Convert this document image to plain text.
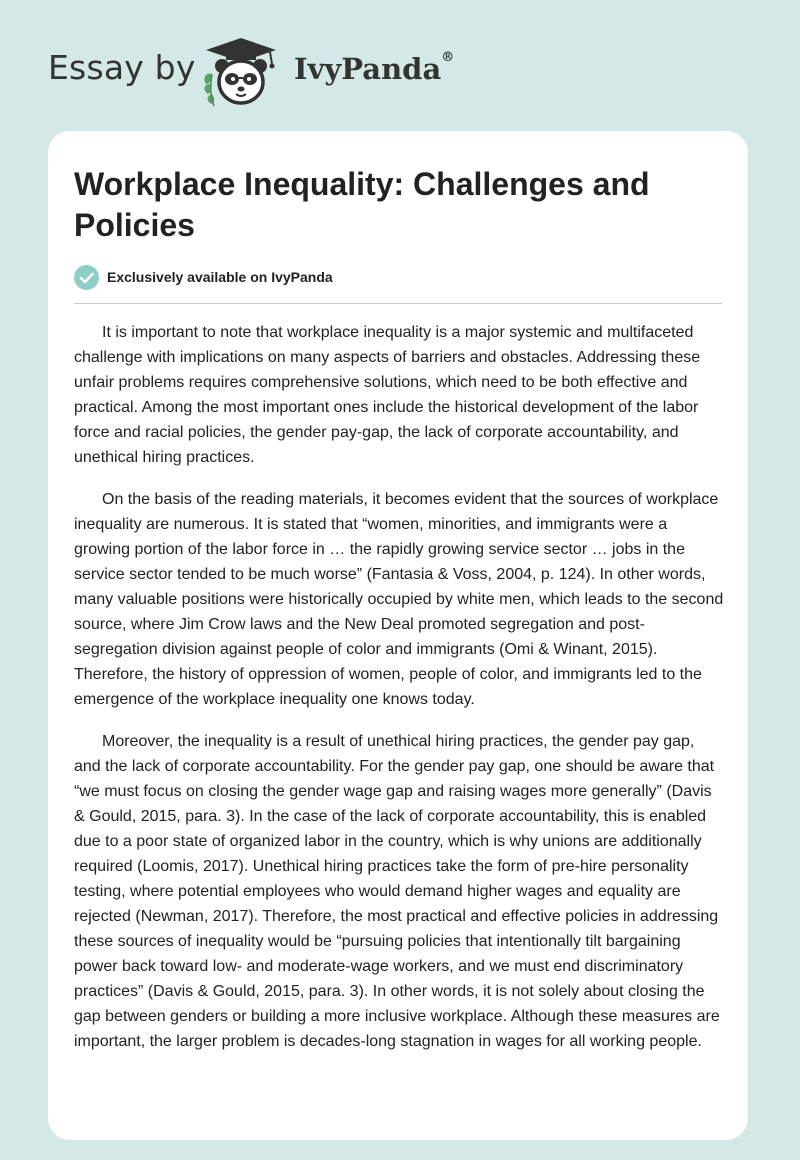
Essay by	IvyPanda®
Workplace Inequality: Challenges and Policies
Exclusively available on IvyPanda

It is important to note that workplace inequality is a major systemic and multifaceted challenge with implications on many aspects of barriers and obstacles. Addressing these unfair problems requires comprehensive solutions, which need to be both effective and practical. Among the most important ones include the historical development of the labor force and racial policies, the gender pay-gap, the lack of corporate accountability, and unethical hiring practices.

On the basis of the reading materials, it becomes evident that the sources of workplace inequality are numerous. It is stated that “women, minorities, and immigrants were a growing portion of the labor force in … the rapidly growing service sector … jobs in the service sector tended to be much worse” (Fantasia & Voss, 2004, p. 124). In other words, many valuable positions were historically occupied by white men, which leads to the second source, where Jim Crow laws and the New Deal promoted segregation and post-segregation division against people of color and immigrants (Omi & Winant, 2015). Therefore, the history of oppression of women, people of color, and immigrants led to the emergence of the workplace inequality one knows today.

Moreover, the inequality is a result of unethical hiring practices, the gender pay gap, and the lack of corporate accountability. For the gender pay gap, one should be aware that “we must focus on closing the gender wage gap and raising wages more generally” (Davis & Gould, 2015, para. 3). In the case of the lack of corporate accountability, this is enabled due to a poor state of organized labor in the country, which is why unions are additionally required (Loomis, 2017). Unethical hiring practices take the form of pre-hire personality testing, where potential employees who would demand higher wages and equality are rejected (Newman, 2017). Therefore, the most practical and effective policies in addressing these sources of inequality would be “pursuing policies that intentionally tilt bargaining power back toward low- and moderate-wage workers, and we must end discriminatory practices” (Davis & Gould, 2015, para. 3). In other words, it is not solely about closing the gap between genders or building a more inclusive workplace. Although these measures are important, the larger problem is decades-long stagnation in wages for all working people.
